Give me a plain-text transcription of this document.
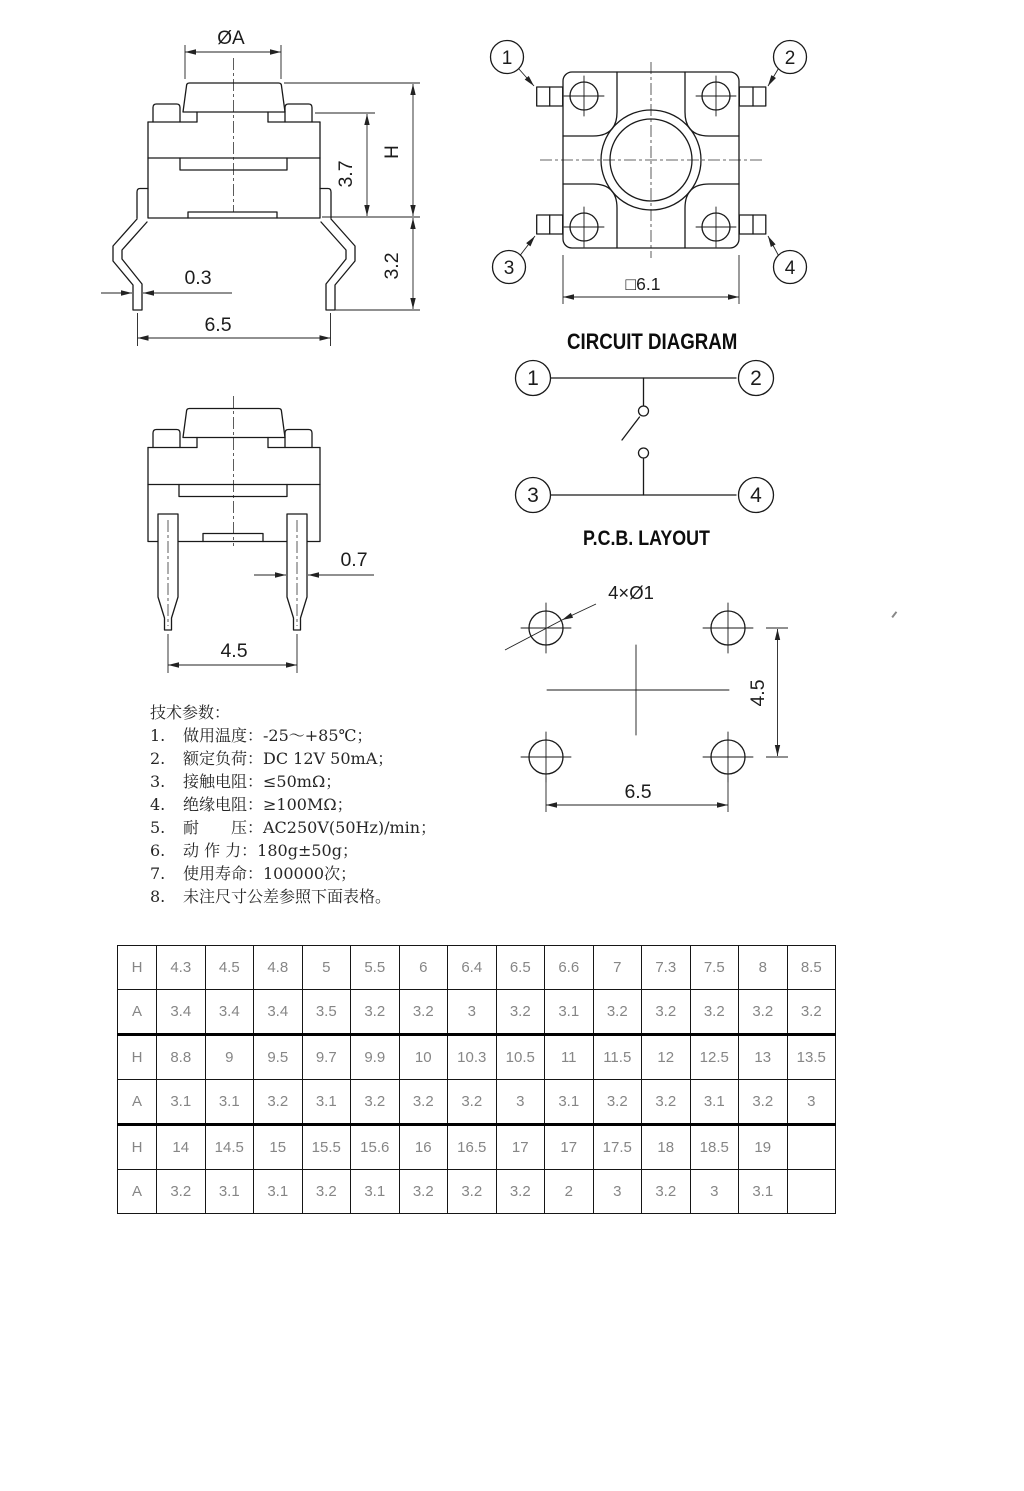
ØA
H
3.7
3.2
0.3
6.5
1	2
3	4
□6.1
CIRCUIT DIAGRAM
1	2
3	4
P.C.B. LAYOUT
4×Ø1
4.5
6.5
0.7
4.5
技术参数：
1. 做用温度：-25～+85℃；
2. 额定负荷：DC 12V 50mA；
3. 接触电阻：≤50mΩ；
4. 绝缘电阻：≥100MΩ；
5. 耐　　压：AC250V(50Hz)/min；
6. 动 作 力：180g±50g；
7. 使用寿命：100000次；
8. 未注尺寸公差参照下面表格。
H	4.3	4.5	4.8	5	5.5	6	6.4	6.5	6.6	7	7.3	7.5	8	8.5
A	3.4	3.4	3.4	3.5	3.2	3.2	3	3.2	3.1	3.2	3.2	3.2	3.2	3.2
H	8.8	9	9.5	9.7	9.9	10	10.3	10.5	11	11.5	12	12.5	13	13.5
A	3.1	3.1	3.2	3.1	3.2	3.2	3.2	3	3.1	3.2	3.2	3.1	3.2	3
H	14	14.5	15	15.5	15.6	16	16.5	17	17	17.5	18	18.5	19	
A	3.2	3.1	3.1	3.2	3.1	3.2	3.2	3.2	2	3	3.2	3	3.1	
